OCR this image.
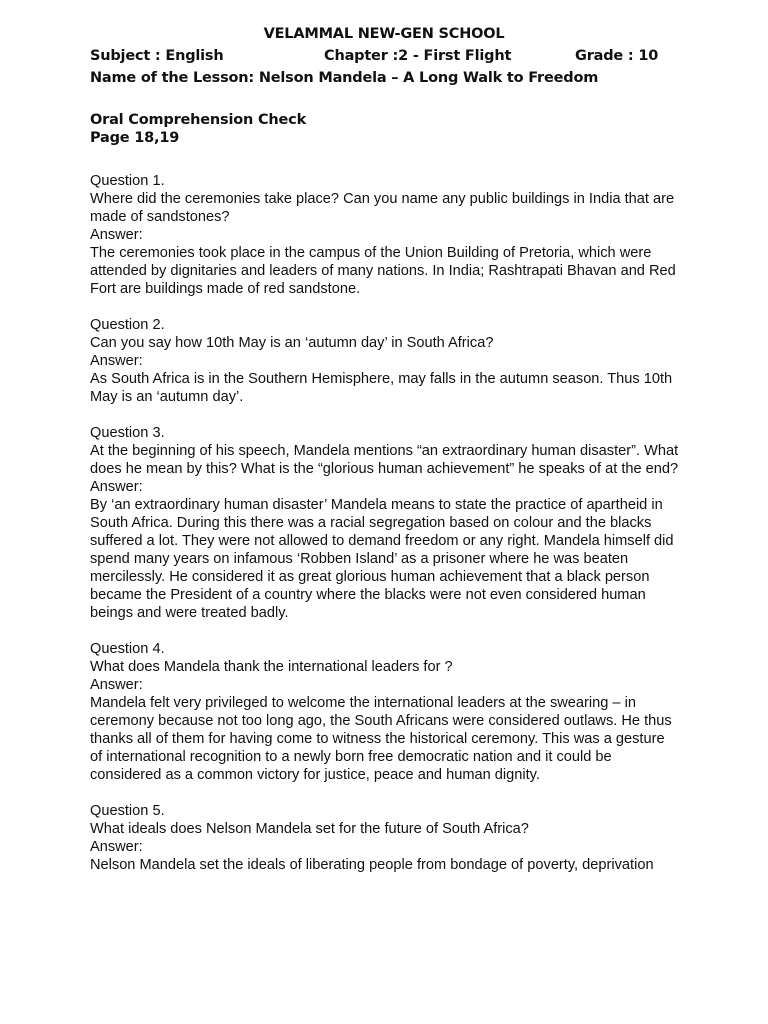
VELAMMAL NEW-GEN SCHOOL
Subject : English	Chapter :2 - First Flight	Grade : 10
Name of the Lesson: Nelson Mandela – A Long Walk to Freedom
Oral Comprehension Check
Page 18,19

Question 1.

Where did the ceremonies take place? Can you name any public buildings in India that are made of sandstones?

Answer:

The ceremonies took place in the campus of the Union Building of Pretoria, which were attended by dignitaries and leaders of many nations. In India; Rashtrapati Bhavan and Red Fort are buildings made of red sandstone.

Question 2.

Can you say how 10th May is an ‘autumn day’ in South Africa?

Answer:

As South Africa is in the Southern Hemisphere, may falls in the autumn season. Thus 10th May is an ‘autumn day’.

Question 3.

At the beginning of his speech, Mandela mentions “an extraordinary human disaster”. What does he mean by this? What is the “glorious human achievement” he speaks of at the end?

Answer:

By ‘an extraordinary human disaster’ Mandela means to state the practice of apartheid in South Africa. During this there was a racial segregation based on colour and the blacks suffered a lot. They were not allowed to demand freedom or any right. Mandela himself did spend many years on infamous ‘Robben Island’ as a prisoner where he was beaten mercilessly. He considered it as great glorious human achievement that a black person became the President of a country where the blacks were not even considered human beings and were treated badly.

Question 4.

What does Mandela thank the international leaders for ?

Answer:

Mandela felt very privileged to welcome the international leaders at the swearing – in ceremony because not too long ago, the South Africans were considered outlaws. He thus thanks all of them for having come to witness the historical ceremony. This was a gesture of international recognition to a newly born free democratic nation and it could be considered as a common victory for justice, peace and human dignity.

Question 5.

What ideals does Nelson Mandela set for the future of South Africa?

Answer:

Nelson Mandela set the ideals of liberating people from bondage of poverty, deprivation
